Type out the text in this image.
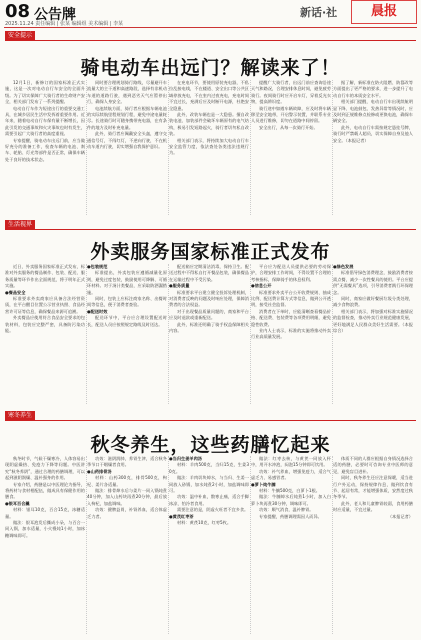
08 公告牌
2025.11.24 责任编辑 | 张某 编辑组 美术编辑 | 李某
新话·社	晨报
安全提示
骑电动车出远门？解读来了！

12月1日，新修订的国家标准正式实施，这是一次对电动自行车安全的全面升级。为了切实保障广大骑行者的生命财产安全，相关部门发布了一系列提醒。

电动自行车作为短途出行的重要交通工具，在城乡居民生活中发挥着重要作用。近年来，随着电动自行车保有量不断增长，因此引发的交通事故和火灾事故也时有发生，需要引起广大骑行者的高度重视。

专家提醒，骑电动车出远门前，应当做好充分的准备工作，检查车辆的电池、刹车、轮胎、灯光等部件是否正常，确保车辆处于良好的技术状态。

同时要合理规划骑行路线，尽量避开车流量大的主干道和高速路段，选择有非机动车道的道路行驶，遇到恶劣天气应暂停出行，确保人身安全。

电池续航方面，骑行者应根据车辆电池的实际续航里程规划行程，避免中途电量耗尽。长途骑行时可随身携带充电器，在有条件的地方及时补充电量。

此外，骑行者应佩戴安全头盔，遵守交通信号灯，不闯红灯，不逆向行驶，不在机动车道内行驶，切实增强自我保护意识。

在充电环节，要使用原装充电器，不私拉乱接电线，不在楼道、安全出口等公共区域停放充电，不在室内过夜充电，充电时间不宜过长，充满后应及时断开电源，杜绝安全隐患。

此外，改装车辆也是一大隐患。擅自改装电池、加装部件会破坏车辆原有的电气结构，极易引发短路起火，骑行者切勿私自改装。

相关部门表示，将持续加大电动自行车安全监管力度，依法查处各类违法违规行为。

提醒广大骑行者，出远门前应查询沿途天气和路况，合理安排休息时间，避免疲劳骑行。夜间骑行时应开启车灯，穿着反光衣物，提高辨识度。

骑行途中如遇车辆故障，应及时将车辆移至安全地带，开启警示装置，并联系专业人员进行维修，切勿在道路中间停留。

安全出行，从每一次骑行开始。

据了解，新标准在防火阻燃、防篡改等方面提出了更严格的要求，进一步提升了电动自行车的本质安全水平。

相关部门提醒，电动自行车出现续航明显下降、电池鼓包、发热异常等情况时，应及时到正规维修点检修或更换电池，确保车辆安全。

此外，电动自行车需按规定悬挂号牌，骑行时严禁载人超员，切实保障自身及他人安全。（本报记者）

生活视界
外卖服务国家标准正式发布

近日，外卖服务国家标准正式发布，标准对外卖服务的餐品制作、包装、配送、服务质量等环节作出全面规范，将于明年正式实施。

●餐品安全

标准要求外卖商家应具备合法经营资质，在平台醒目位置公示营业执照、食品经营许可证等信息，确保餐品来源可追溯。

外卖餐品应使用符合食品安全要求的包装材料，包装应完整严密，具备防污染功能。

●包装规范

标准提出，外卖包装应遵循减量化原则，避免过度包装，鼓励使用可降解、可循环材料。对于汤汁类餐品，应采取防洒漏措施。

同时，包装上应标注商家名称、出餐时间等信息，便于消费者查验。

●配送时效

配送环节中，平台应合理设置配送时长，配送人员应按照规定路线及时送达。

配送箱应定期清洁消毒，保持卫生。配送过程中不得私自打开餐品包装，确保餐品在运输过程中不受污染。

●服务质量

标准要求平台建立健全投诉处理机制，对消费者反映的问题及时响应处理，保障消费者的合法权益。

对于出现餐品质量问题的，商家和平台应及时退款或重新配送。

此外，标准还明确了骑手权益保障相关内容。

平台应为配送人员提供必要的劳动保护，合理安排工作时间，不得设置不合理的考核指标，保障骑手的休息权利。

●信息公开

标准要求外卖平台公开收费规则、抽成比例、配送费计算方式等信息，做到公开透明，接受社会监督。

消费者在下单时，应能清晰查看餐品价格、配送费、包装费等各项费用明细，避免隐性收费。

业内人士表示，标准的实施将推动外卖行业高质量发展。

●绿色发展

标准倡导绿色消费理念，鼓励消费者按需点餐，减少一次性餐具的使用。平台应提供“无需餐具”选项，引导消费者践行环保理念。

同时，商家应做好餐厨垃圾分类处理，减少食物浪费。

相关部门表示，将加强对标准实施情况的监督检查，推动外卖行业规范健康发展，更好地满足人民群众美好生活需要。（本报综合）

寒冬养生
秋冬养生，这些药膳忆起来

秋冬时节，气候干燥寒冷，人体容易出现阴虚燥热、免疫力下降等问题。中医讲究“秋冬养阴”，通过合理的药膳调理，可以起到滋阴润燥、温补强身的作用。

专家介绍，药膳是以中医理论为指导，将药材与食材相配伍，做成具有保健作用的膳食。

●银耳百合羹

材料：银耳10克，百合15克，冰糖适量。

做法：银耳泡发后撕成小朵，与百合一同入锅，加水适量，小火慢炖1小时，加冰糖调味即可。

功效：滋阴润肺，养胃生津，适合秋冬季节口干咽燥者食用。

●山药排骨汤

材料：山药300克，排骨500克，枸杞、姜片各适量。

做法：排骨焯水后与姜片一同入锅炖煮40分钟，加入山药块再煮20分钟，最后放入枸杞，加盐调味。

功效：健脾益胃，补肾养血，适合体虚乏力者。

●当归生姜羊肉汤

材料：羊肉500克，当归15克，生姜30克。

做法：羊肉切块焯水，与当归、生姜一同放入砂锅，加水炖煮2小时，加盐调味即可。

功效：温中补血，散寒止痛，适合手脚冰凉、怕冷者食用。

需要注意的是，阴虚火旺者不宜多食。

●黄芪红枣茶

材料：黄芪10克，红枣5枚。

做法：红枣去核，与黄芪一同放入杯中，用开水冲泡，闷泡15分钟即可饮用。

功效：补气养血，增强免疫力，适合气虚乏力、易感冒者。

●萝卜炖牛腩

材料：牛腩500克，白萝卜1根。

做法：牛腩焯水后炖煮1小时，加入白萝卜块再煮30分钟，调味即可。

功效：顺气消食，温补脾胃。

专家提醒，药膳调理需因人而异。

体质不同的人群应根据自身情况选择合适的药膳，必要时可咨询专业中医师的意见，避免盲目进补。

同时，秋冬养生还应注意保暖，适当进行户外运动，保持规律作息，做到饮食有节、起居有常，才能增强体质，安然度过秋冬季节。

此外，老人和儿童脾胃较弱，食用药膳时应适量，不宜过量。

（本报记者）
